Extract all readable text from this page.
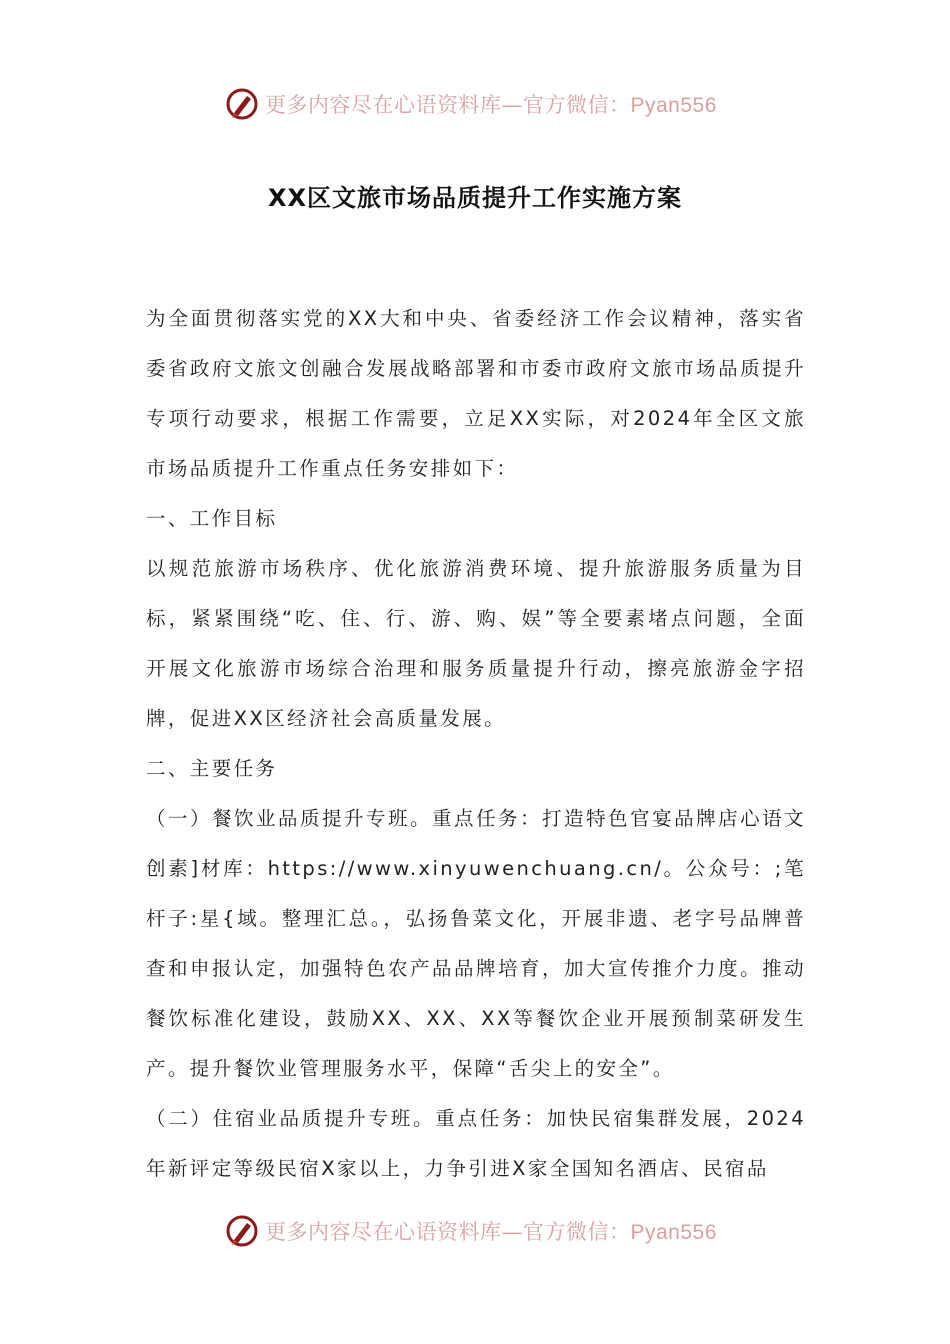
更多内容尽在心语资料库—官方微信：Pyan556
XX区文旅市场品质提升工作实施方案

为全面贯彻落实党的XX大和中央、省委经济工作会议精神，落实省委省政府文旅文创融合发展战略部署和市委市政府文旅市场品质提升专项行动要求，根据工作需要，立足XX实际，对2024年全区文旅市场品质提升工作重点任务安排如下：

一、工作目标

以规范旅游市场秩序、优化旅游消费环境、提升旅游服务质量为目标，紧紧围绕“吃、住、行、游、购、娱”等全要素堵点问题，全面开展文化旅游市场综合治理和服务质量提升行动，擦亮旅游金字招牌，促进XX区经济社会高质量发展。

二、主要任务

（一）餐饮业品质提升专班。重点任务：打造特色官宴品牌店心语文创素]材库：https://www.xinyuwenchuang.cn/。公众号：;笔杆子:星{域。整理汇总。，弘扬鲁菜文化，开展非遗、老字号品牌普查和申报认定，加强特色农产品品牌培育，加大宣传推介力度。推动餐饮标准化建设，鼓励XX、XX、XX等餐饮企业开展预制菜研发生产。提升餐饮业管理服务水平，保障“舌尖上的安全”。

（二）住宿业品质提升专班。重点任务：加快民宿集群发展，2024年新评定等级民宿X家以上，力争引进X家全国知名酒店、民宿品

更多内容尽在心语资料库—官方微信：Pyan556
